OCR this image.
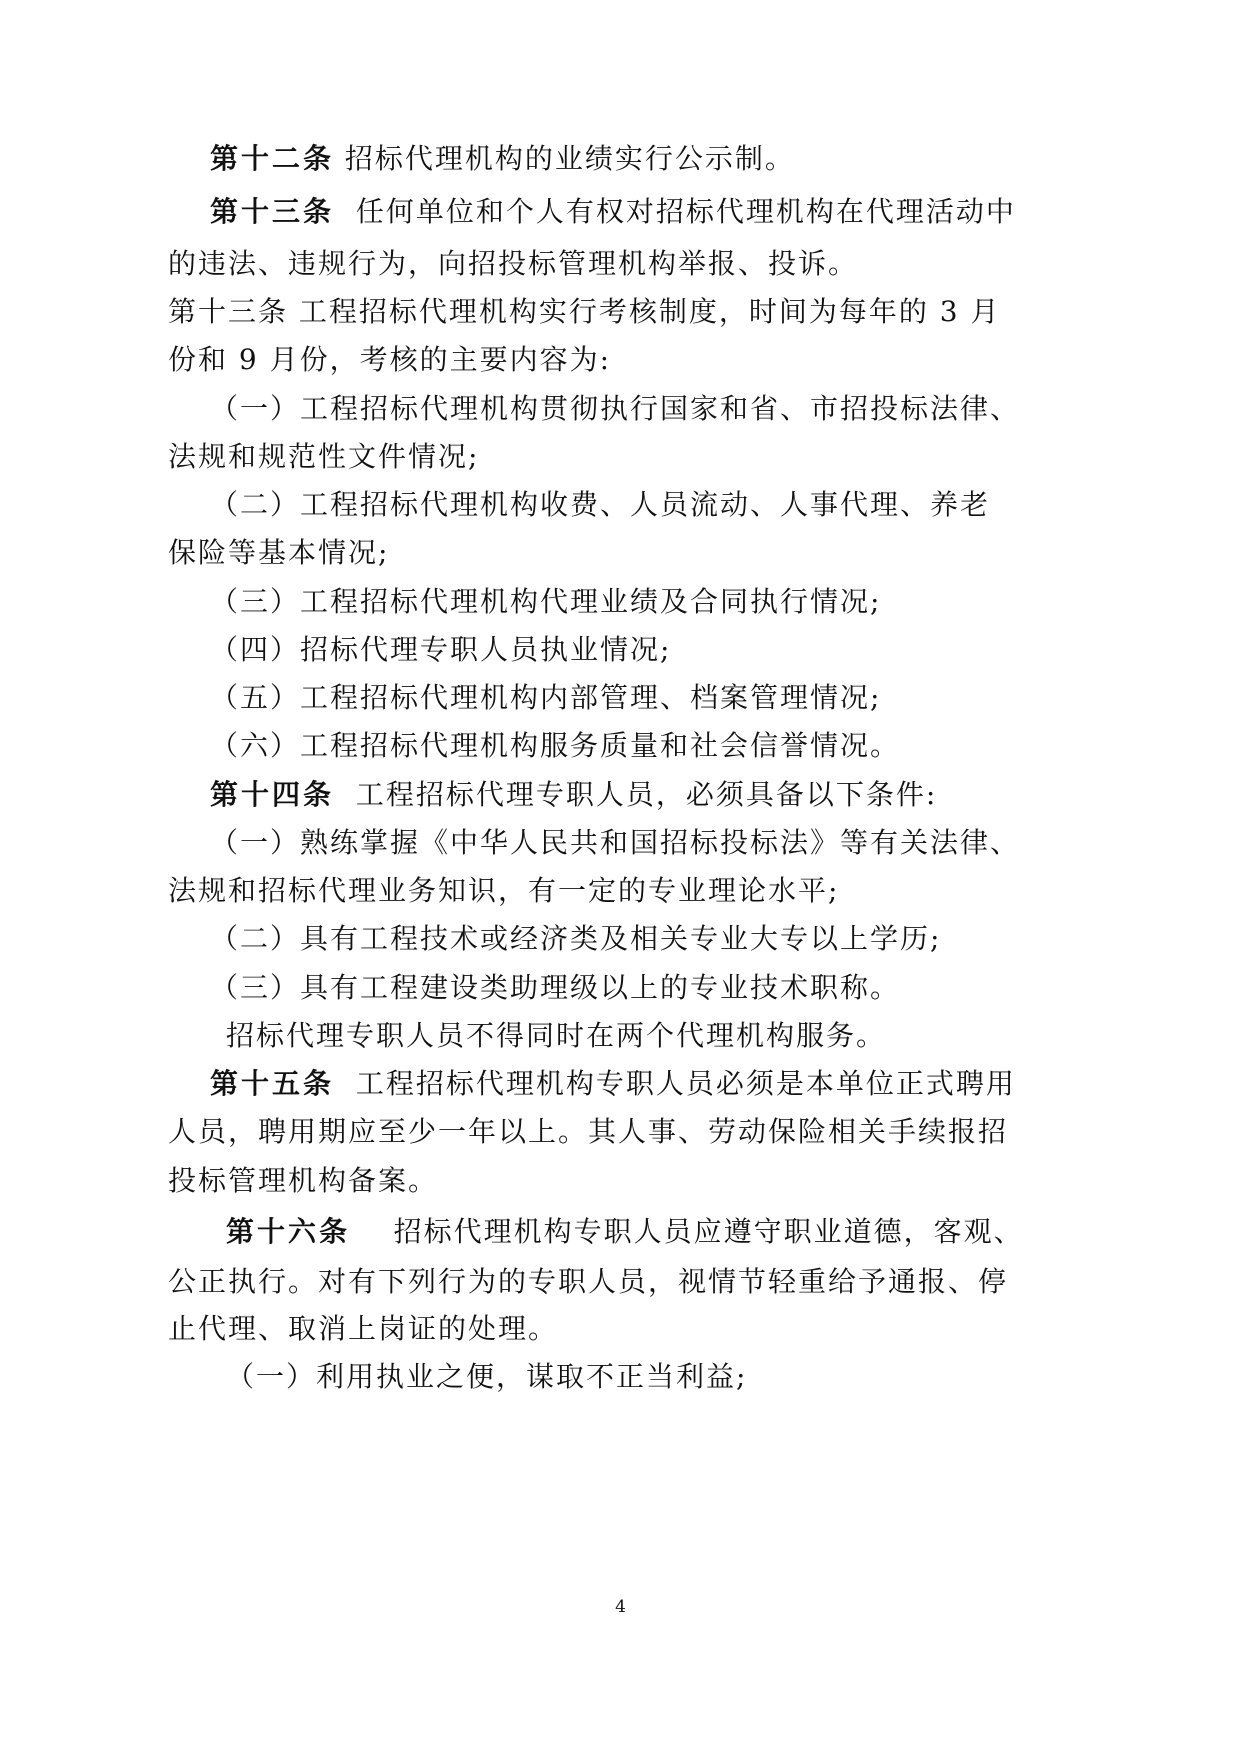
第十二条 招标代理机构的业绩实行公示制。
第十三条 任何单位和个人有权对招标代理机构在代理活动中
的违法、违规行为，向招投标管理机构举报、投诉。
第十三条 工程招标代理机构实行考核制度，时间为每年的 3 月
份和 9 月份，考核的主要内容为:
（一）工程招标代理机构贯彻执行国家和省、市招投标法律、
法规和规范性文件情况;
（二）工程招标代理机构收费、人员流动、人事代理、养老
保险等基本情况;
（三）工程招标代理机构代理业绩及合同执行情况;
（四）招标代理专职人员执业情况;
（五）工程招标代理机构内部管理、档案管理情况;
（六）工程招标代理机构服务质量和社会信誉情况。
第十四条 工程招标代理专职人员，必须具备以下条件:
（一）熟练掌握《中华人民共和国招标投标法》等有关法律、
法规和招标代理业务知识，有一定的专业理论水平;
（二）具有工程技术或经济类及相关专业大专以上学历;
（三）具有工程建设类助理级以上的专业技术职称。
招标代理专职人员不得同时在两个代理机构服务。
第十五条 工程招标代理机构专职人员必须是本单位正式聘用
人员，聘用期应至少一年以上。其人事、劳动保险相关手续报招
投标管理机构备案。
第十六条 招标代理机构专职人员应遵守职业道德，客观、
公正执行。对有下列行为的专职人员，视情节轻重给予通报、停
止代理、取消上岗证的处理。
（一）利用执业之便，谋取不正当利益;
4
